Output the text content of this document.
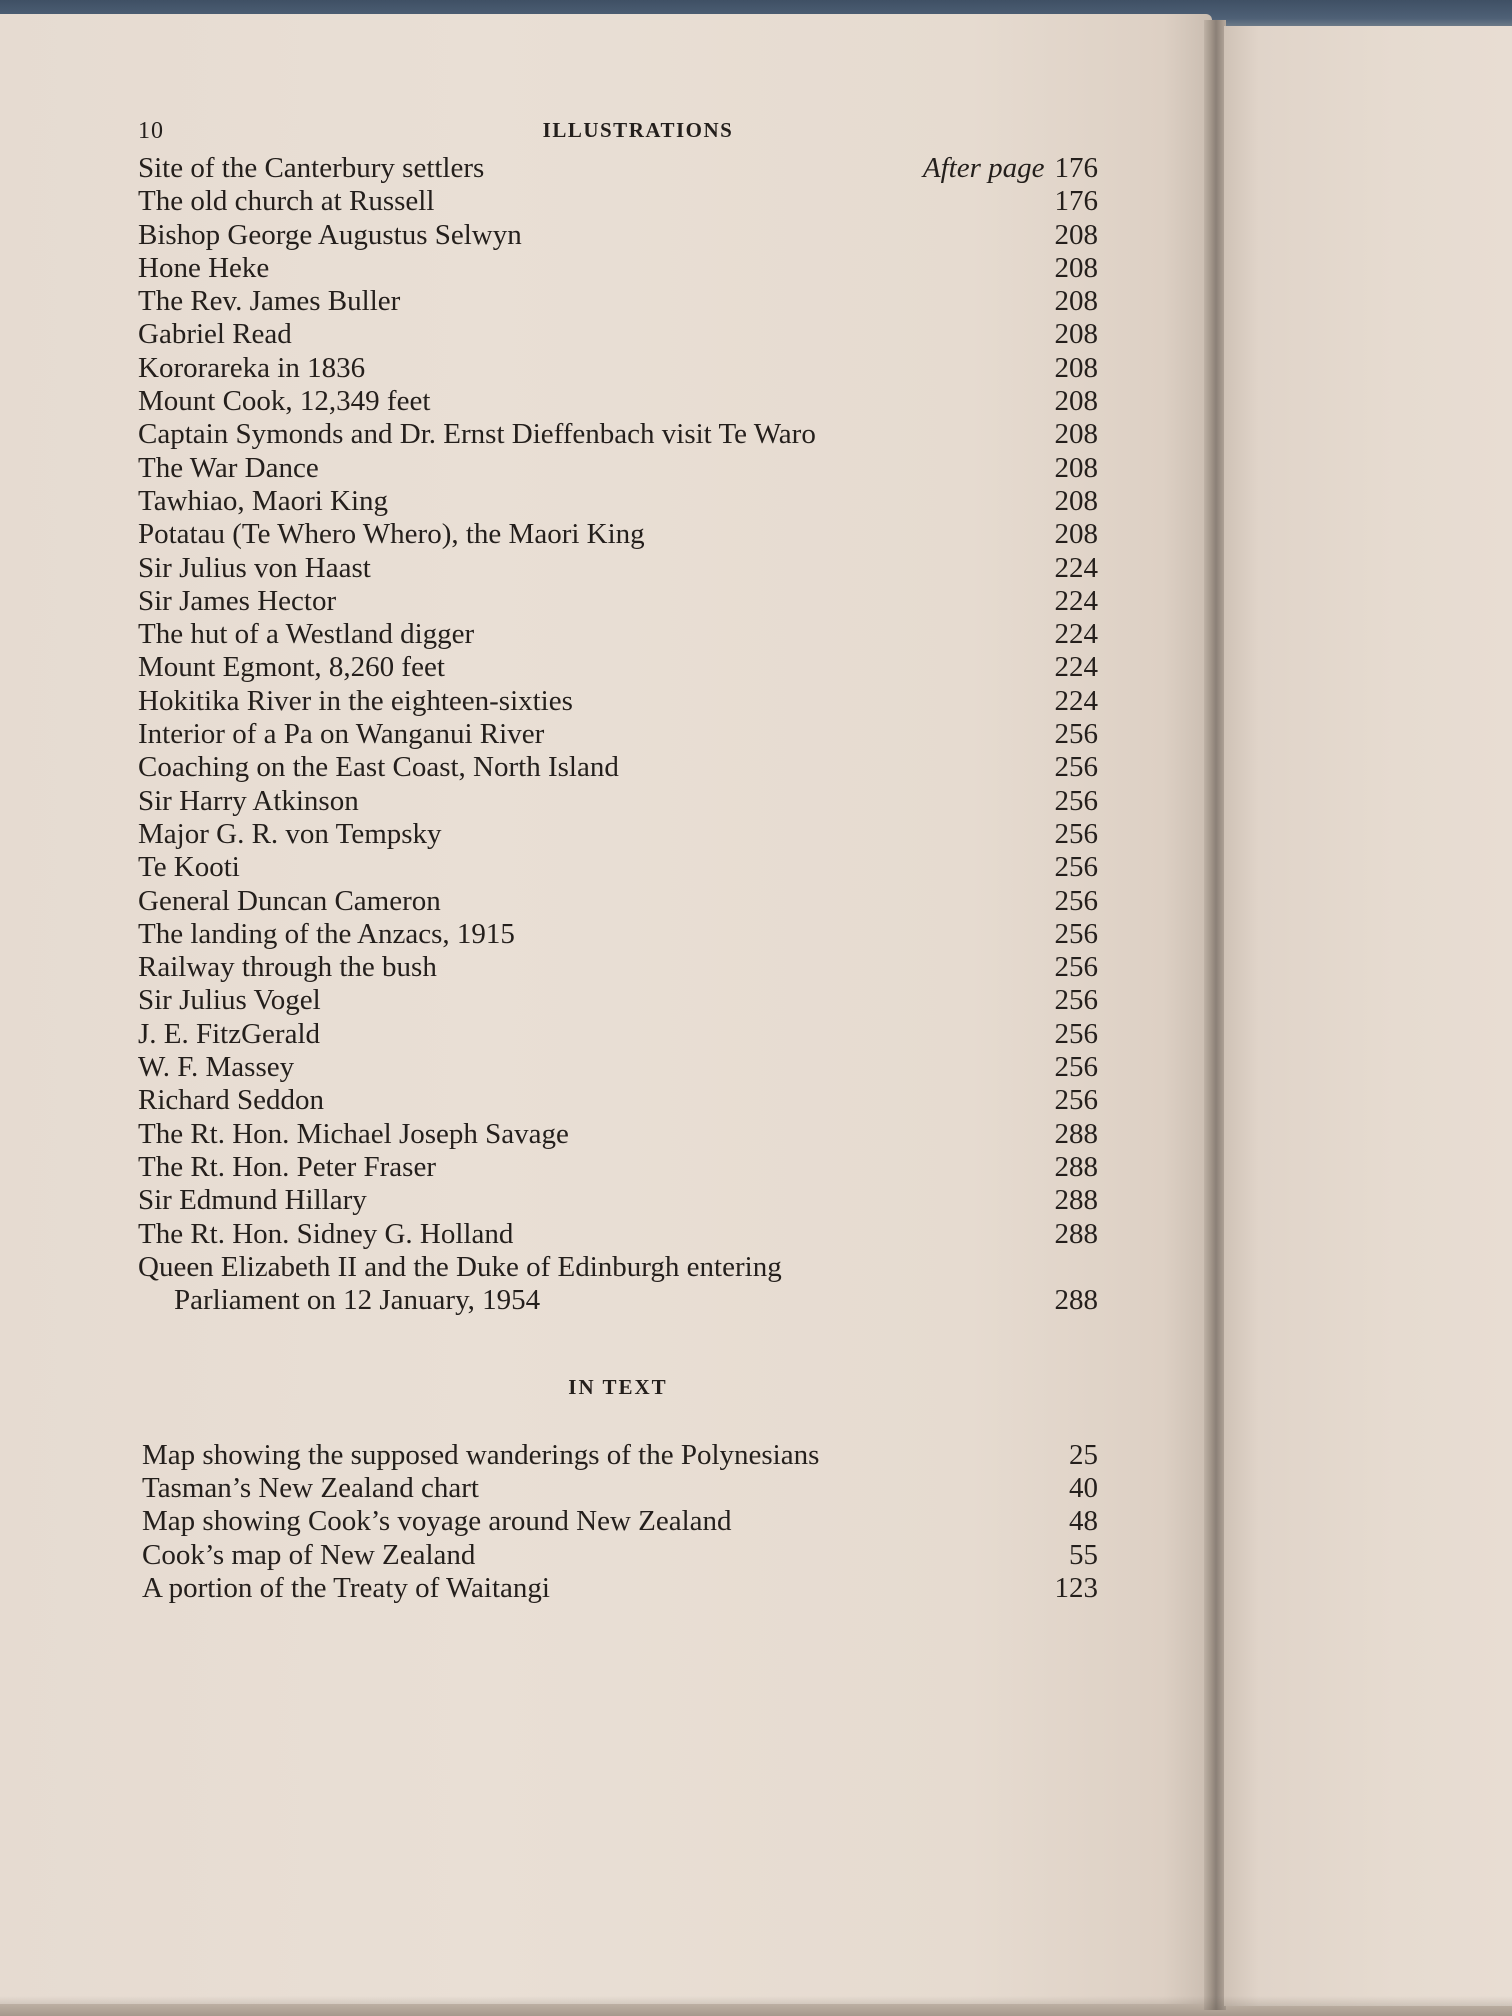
10	ILLUSTRATIONS
Site of the Canterbury settlers	After page 176
The old church at Russell	176
Bishop George Augustus Selwyn	208
Hone Heke	208
The Rev. James Buller	208
Gabriel Read	208
Kororareka in 1836	208
Mount Cook, 12,349 feet	208
Captain Symonds and Dr. Ernst Dieffenbach visit Te Waro	208
The War Dance	208
Tawhiao, Maori King	208
Potatau (Te Whero Whero), the Maori King	208
Sir Julius von Haast	224
Sir James Hector	224
The hut of a Westland digger	224
Mount Egmont, 8,260 feet	224
Hokitika River in the eighteen-sixties	224
Interior of a Pa on Wanganui River	256
Coaching on the East Coast, North Island	256
Sir Harry Atkinson	256
Major G. R. von Tempsky	256
Te Kooti	256
General Duncan Cameron	256
The landing of the Anzacs, 1915	256
Railway through the bush	256
Sir Julius Vogel	256
J. E. FitzGerald	256
W. F. Massey	256
Richard Seddon	256
The Rt. Hon. Michael Joseph Savage	288
The Rt. Hon. Peter Fraser	288
Sir Edmund Hillary	288
The Rt. Hon. Sidney G. Holland	288
Queen Elizabeth II and the Duke of Edinburgh entering
Parliament on 12 January, 1954	288
IN TEXT
Map showing the supposed wanderings of the Polynesians	25
Tasman’s New Zealand chart	40
Map showing Cook’s voyage around New Zealand	48
Cook’s map of New Zealand	55
A portion of the Treaty of Waitangi	123
